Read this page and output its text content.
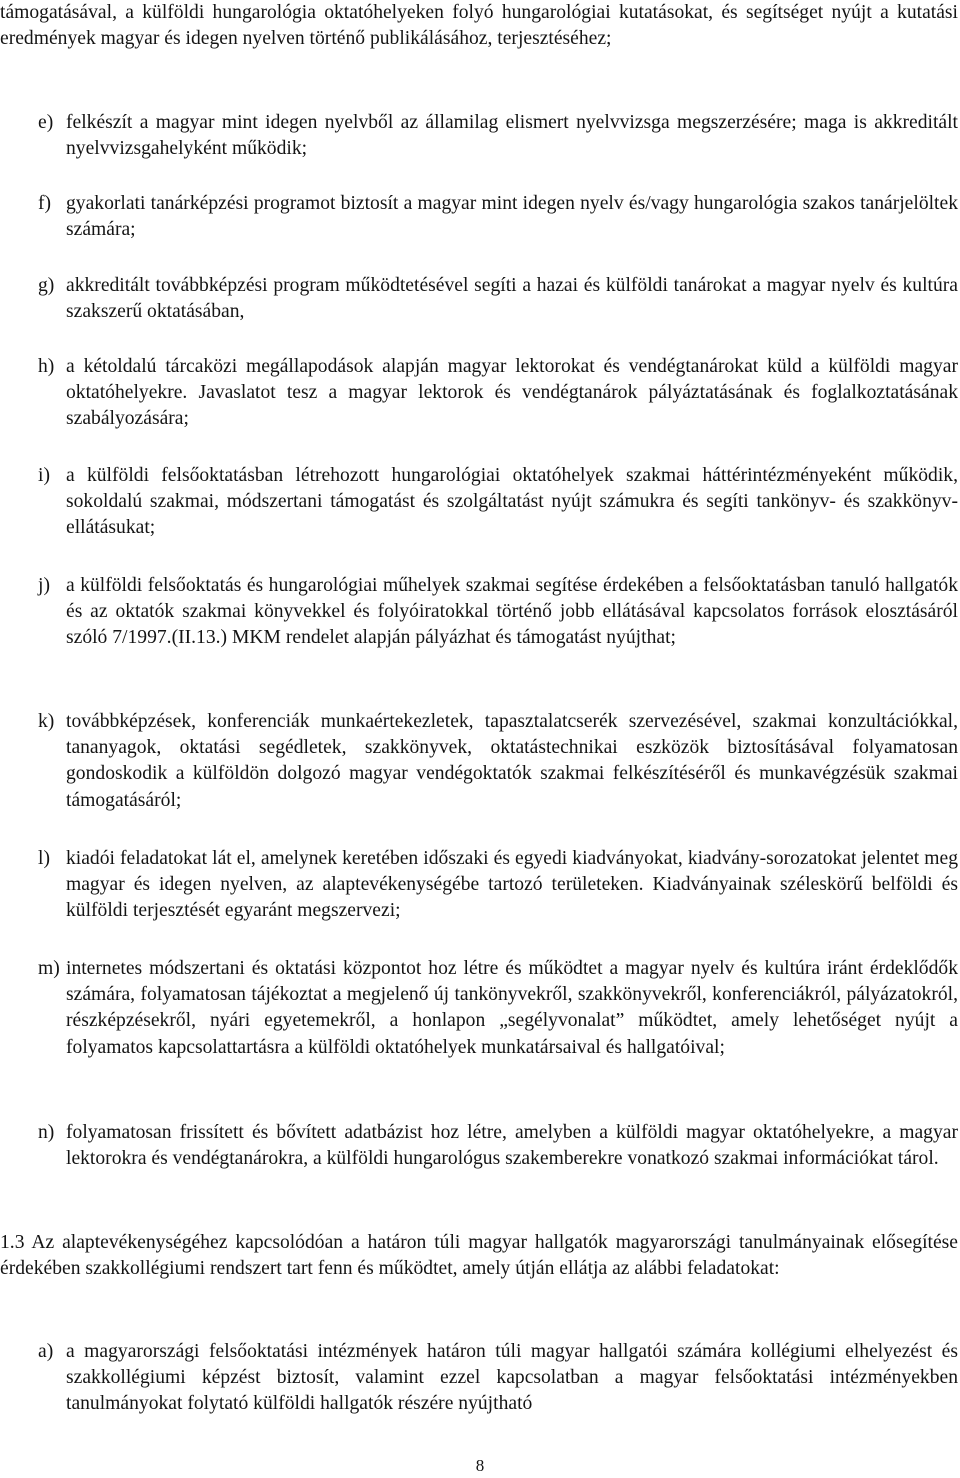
támogatásával, a külföldi hungarológia oktatóhelyeken folyó hungarológiai kutatásokat, és segítséget nyújt a kutatási eredmények magyar és idegen nyelven történő publikálásához, terjesztéséhez;

e) felkészít a magyar mint idegen nyelvből az államilag elismert nyelvvizsga megszerzésére; maga is akkreditált nyelvvizsgahelyként működik;
f) gyakorlati tanárképzési programot biztosít a magyar mint idegen nyelv és/vagy hungarológia szakos tanárjelöltek számára;
g) akkreditált továbbképzési program működtetésével segíti a hazai és külföldi tanárokat a magyar nyelv és kultúra szakszerű oktatásában,
h) a kétoldalú tárcaközi megállapodások alapján magyar lektorokat és vendégtanárokat küld a külföldi magyar oktatóhelyekre. Javaslatot tesz a magyar lektorok és vendégtanárok pályáztatásának és foglalkoztatásának szabályozására;
i) a külföldi felsőoktatásban létrehozott hungarológiai oktatóhelyek szakmai háttérintézményeként működik, sokoldalú szakmai, módszertani támogatást és szolgáltatást nyújt számukra és segíti tankönyv- és szakkönyv-ellátásukat;
j) a külföldi felsőoktatás és hungarológiai műhelyek szakmai segítése érdekében a felsőoktatásban tanuló hallgatók és az oktatók szakmai könyvekkel és folyóiratokkal történő jobb ellátásával kapcsolatos források elosztásáról szóló 7/1997.(II.13.) MKM rendelet alapján pályázhat és támogatást nyújthat;
k) továbbképzések, konferenciák munkaértekezletek, tapasztalatcserék szervezésével, szakmai konzultációkkal, tananyagok, oktatási segédletek, szakkönyvek, oktatástechnikai eszközök biztosításával folyamatosan gondoskodik a külföldön dolgozó magyar vendégoktatók szakmai felkészítéséről és munkavégzésük szakmai támogatásáról;
l) kiadói feladatokat lát el, amelynek keretében időszaki és egyedi kiadványokat, kiadvány-sorozatokat jelentet meg magyar és idegen nyelven, az alaptevékenységébe tartozó területeken. Kiadványainak széleskörű belföldi és külföldi terjesztését egyaránt megszervezi;
m) internetes módszertani és oktatási központot hoz létre és működtet a magyar nyelv és kultúra iránt érdeklődők számára, folyamatosan tájékoztat a megjelenő új tankönyvekről, szakkönyvekről, konferenciákról, pályázatokról, részképzésekről, nyári egyetemekről, a honlapon „segélyvonalat” működtet, amely lehetőséget nyújt a folyamatos kapcsolattartásra a külföldi oktatóhelyek munkatársaival és hallgatóival;
n) folyamatosan frissített és bővített adatbázist hoz létre, amelyben a külföldi magyar oktatóhelyekre, a magyar lektorokra és vendégtanárokra, a külföldi hungarológus szakemberekre vonatkozó szakmai információkat tárol.

1.3 Az alaptevékenységéhez kapcsolódóan a határon túli magyar hallgatók magyarországi tanulmányainak elősegítése érdekében szakkollégiumi rendszert tart fenn és működtet, amely útján ellátja az alábbi feladatokat:

a) a magyarországi felsőoktatási intézmények határon túli magyar hallgatói számára kollégiumi elhelyezést és szakkollégiumi képzést biztosít, valamint ezzel kapcsolatban a magyar felsőoktatási intézményekben tanulmányokat folytató külföldi hallgatók részére nyújtható
8
